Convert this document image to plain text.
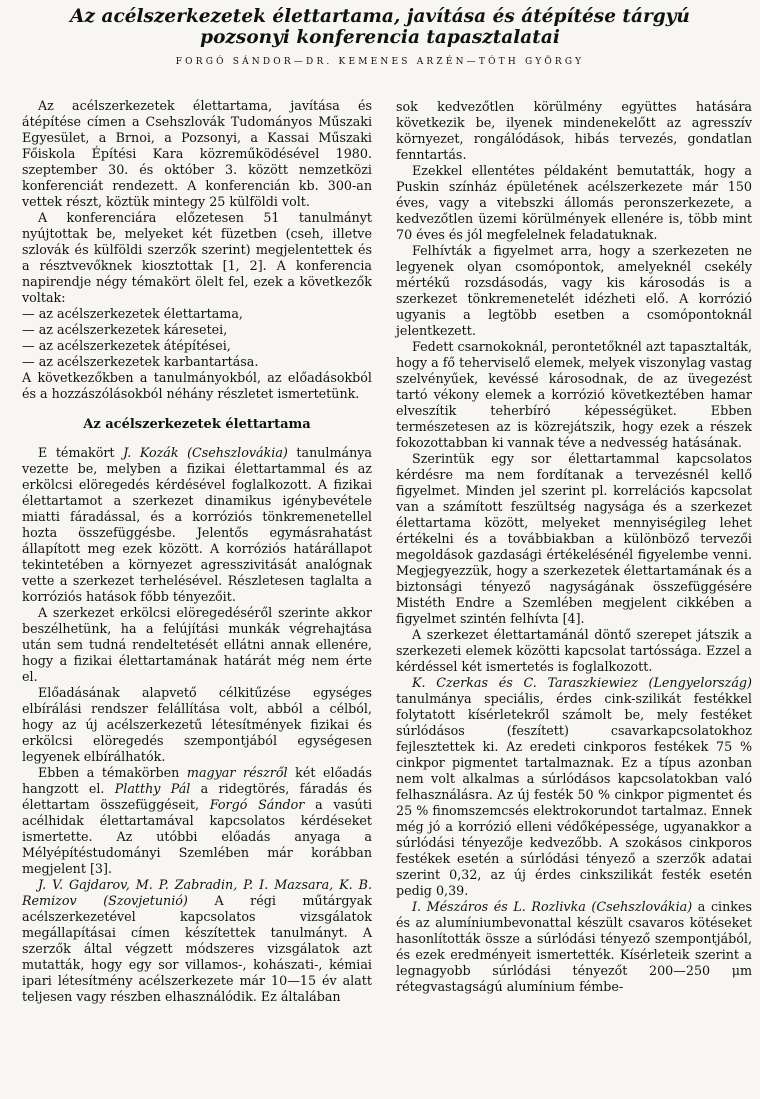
Az acélszerkezetek élettartama, javítása és átépítése tárgyú pozsonyi konferencia tapasztalatai
FORGÓ SÁNDOR—DR. KEMENES ARZÉN—TÓTH GYÖRGY

Az acélszerkezetek élettartama, javítása és átépítése címen a Csehszlovák Tudományos Műszaki Egyesület, a Brnoi, a Pozsonyi, a Kassai Műszaki Főiskola Építési Kara közreműködésével 1980. szeptember 30. és október 3. között nemzetközi konferenciát rendezett. A konferencián kb. 300-an vettek részt, köztük mintegy 25 külföldi volt.

A konferenciára előzetesen 51 tanulmányt nyújtottak be, melyeket két füzetben (cseh, illetve szlovák és külföldi szerzők szerint) megjelentettek és a résztvevőknek kiosztottak [1, 2]. A konferencia napirendje négy témakört ölelt fel, ezek a következők voltak:

— az acélszerkezetek élettartama,
— az acélszerkezetek káresetei,
— az acélszerkezetek átépítései,
— az acélszerkezetek karbantartása.

A következőkben a tanulmányokból, az előadásokból és a hozzászólásokból néhány részletet ismertetünk.

Az acélszerkezetek élettartama

E témakört J. Kozák (Csehszlovákia) tanulmánya vezette be, melyben a fizikai élettartammal és az erkölcsi elöregedés kérdésével foglalkozott. A fizikai élettartamot a szerkezet dinamikus igénybevétele miatti fáradással, és a korróziós tönkremenetellel hozta összefüggésbe. Jelentős egymásrahatást állapított meg ezek között. A korróziós határállapot tekintetében a környezet agresszivitását analógnak vette a szerkezet terhelésével. Részletesen taglalta a korróziós hatások főbb tényezőit.

A szerkezet erkölcsi elöregedéséről szerinte akkor beszélhetünk, ha a felújítási munkák végrehajtása után sem tudná rendeltetését ellátni annak ellenére, hogy a fizikai élettartamának határát még nem érte el.

Előadásának alapvető célkitűzése egységes elbírálási rendszer felállítása volt, abból a célból, hogy az új acélszerkezetű létesítmények fizikai és erkölcsi elöregedés szempontjából egységesen legyenek elbírálhatók.

Ebben a témakörben magyar részről két előadás hangzott el. Platthy Pál a ridegtörés, fáradás és élettartam összefüggéseit, Forgó Sándor a vasúti acélhidak élettartamával kapcsolatos kérdéseket ismertette. Az utóbbi előadás anyaga a Mélyépítéstudományi Szemlében már korábban megjelent [3].

J. V. Gajdarov, M. P. Zabradin, P. I. Mazsara, K. B. Remizov (Szovjetunió) A régi műtárgyak acélszerkezetével kapcsolatos vizsgálatok megállapításai címen készítettek tanulmányt. A szerzők által végzett módszeres vizsgálatok azt mutatták, hogy egy sor villamos-, kohászati-, kémiai ipari létesítmény acélszerkezete már 10—15 év alatt teljesen vagy részben elhasználódik. Ez általában

sok kedvezőtlen körülmény együttes hatására következik be, ilyenek mindenekelőtt az agresszív környezet, rongálódások, hibás tervezés, gondatlan fenntartás.

Ezekkel ellentétes példaként bemutatták, hogy a Puskin színház épületének acélszerkezete már 150 éves, vagy a vitebszki állomás peronszerkezete, a kedvezőtlen üzemi körülmények ellenére is, több mint 70 éves és jól megfelelnek feladatuknak.

Felhívták a figyelmet arra, hogy a szerkezeten ne legyenek olyan csomópontok, amelyeknél csekély mértékű rozsdásodás, vagy kis károsodás is a szerkezet tönkremenetelét idézheti elő. A korrózió ugyanis a legtöbb esetben a csomópontoknál jelentkezett.

Fedett csarnokoknál, perontetőknél azt tapasztalták, hogy a fő teherviselő elemek, melyek viszonylag vastag szelvényűek, kevéssé károsodnak, de az üvegezést tartó vékony elemek a korrózió következtében hamar elveszítik teherbíró képességüket. Ebben természetesen az is közrejátszik, hogy ezek a részek fokozottabban ki vannak téve a nedvesség hatásának.

Szerintük egy sor élettartammal kapcsolatos kérdésre ma nem fordítanak a tervezésnél kellő figyelmet. Minden jel szerint pl. korrelációs kapcsolat van a számított feszültség nagysága és a szerkezet élettartama között, melyeket mennyiségileg lehet értékelni és a továbbiakban a különböző tervezői megoldások gazdasági értékelésénél figyelembe venni. Megjegyezzük, hogy a szerkezetek élettartamának és a biztonsági tényező nagyságának összefüggésére Mistéth Endre a Szemlében megjelent cikkében a figyelmet szintén felhívta [4].

A szerkezet élettartamánál döntő szerepet játszik a szerkezeti elemek közötti kapcsolat tartóssága. Ezzel a kérdéssel két ismertetés is foglalkozott.

K. Czerkas és C. Taraszkiewiez (Lengyelország) tanulmánya speciális, érdes cink-szilikát festékkel folytatott kísérletekről számolt be, mely festéket súrlódásos (feszített) csavarkapcsolatokhoz fejlesztettek ki. Az eredeti cinkporos festékek 75 % cinkpor pigmentet tartalmaznak. Ez a típus azonban nem volt alkalmas a súrlódásos kapcsolatokban való felhasználásra. Az új festék 50 % cinkpor pigmentet és 25 % finomszemcsés elektrokorundot tartalmaz. Ennek még jó a korrózió elleni védőképessége, ugyanakkor a súrlódási tényezője kedvezőbb. A szokásos cinkporos festékek esetén a súrlódási tényező a szerzők adatai szerint 0,32, az új érdes cinkszilikát festék esetén pedig 0,39.

I. Mészáros és L. Rozlivka (Csehszlovákia) a cinkes és az alumíniumbevonattal készült csavaros kötéseket hasonlították össze a súrlódási tényező szempontjából, és ezek eredményeit ismertették. Kísérleteik szerint a legnagyobb súrlódási tényezőt 200—250 μm rétegvastagságú alumínium fémbe-
